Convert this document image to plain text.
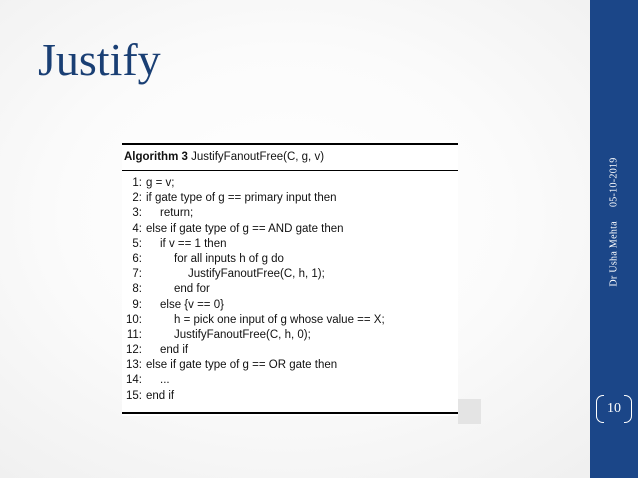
Justify
Algorithm 3 JustifyFanoutFree(C, g, v)
1: g = v;
2: if gate type of g == primary input then
3: return;
4: else if gate type of g == AND gate then
5: if v == 1 then
6:	for all inputs h of g do
7:	JustifyFanoutFree(C, h, 1);
8:	end for
9: else {v == 0}
10:	h = pick one input of g whose value == X;
11:	JustifyFanoutFree(C, h, 0);
12: end if
13: else if gate type of g == OR gate then
14: ...
15: end if
Dr Usha Mehta05-10-2019
10
